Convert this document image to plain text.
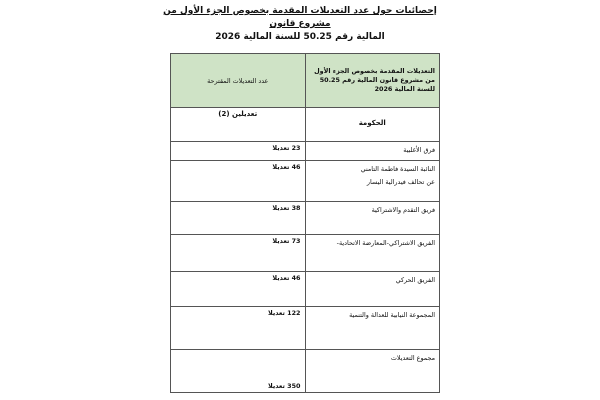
إحصائيات حول عدد التعديلات المقدمة بخصوص الجزء الأول من مشروع قانون
المالية رقم 50.25 للسنة المالية 2026
التعديلات المقدمة بخصوص الجزء الأول من مشروع قانون المالية رقم 50.25 للسنة المالية 2026	عدد التعديلات المقترحة
الحكومة	تعديلين (2)
فرق الأغلبية	23 تعديلا

النائبة السيدة فاطمة التامني
عن تحالف فيدرالية اليسار	46 تعديلا
فريق التقدم والاشتراكية	38 تعديلا
الفريق الاشتراكي-المعارضة الاتحادية-	73 تعديلا
الفريق الحركي	46 تعديلا
المجموعة النيابية للعدالة والتنمية	122 تعديلا
مجموع التعديلات	350 تعديلا
